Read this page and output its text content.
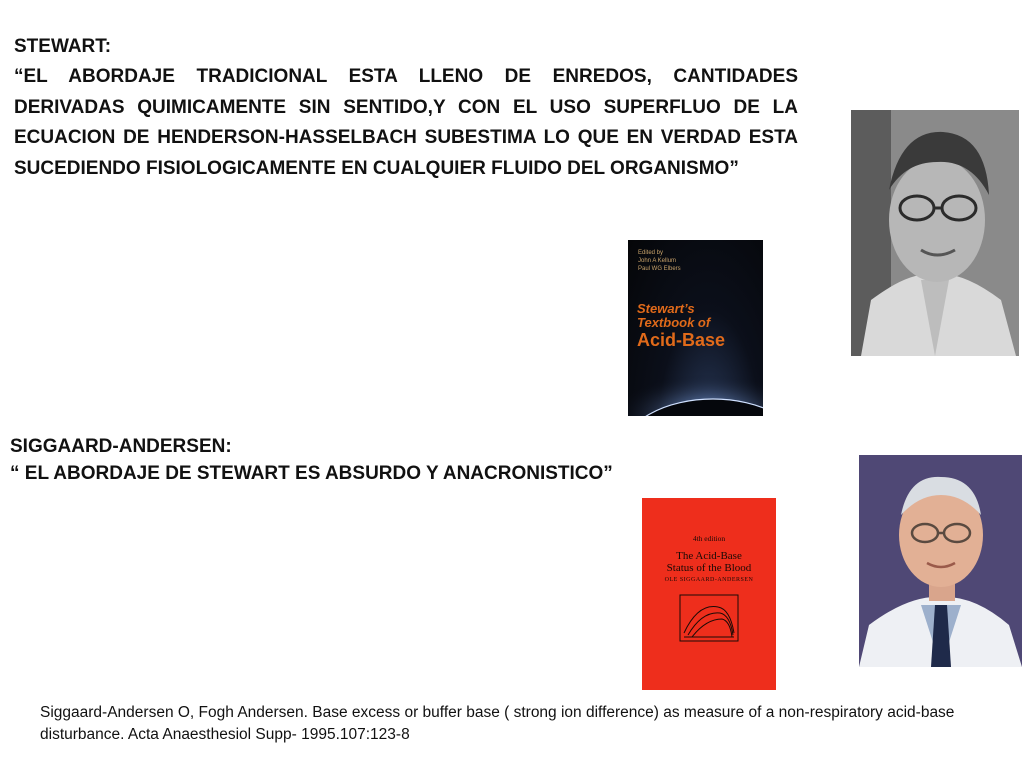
STEWART:
“EL ABORDAJE TRADICIONAL ESTA LLENO DE ENREDOS, CANTIDADES DERIVADAS QUIMICAMENTE SIN SENTIDO,Y CON EL USO SUPERFLUO DE LA ECUACION DE HENDERSON-HASSELBACH SUBESTIMA LO QUE EN VERDAD ESTA SUCEDIENDO FISIOLOGICAMENTE EN CUALQUIER FLUIDO DEL ORGANISMO”
Edited by
John A Kellum
Paul WG Elbers
Stewart’s
Textbook of
Acid-Base
SIGGAARD-ANDERSEN:
“ EL ABORDAJE DE STEWART ES ABSURDO Y ANACRONISTICO”
4th edition
The Acid-Base
Status of the Blood
OLE SIGGAARD-ANDERSEN
Siggaard-Andersen O, Fogh Andersen. Base excess or buffer base ( strong ion difference) as measure of a non-respiratory acid-base disturbance. Acta Anaesthesiol Supp- 1995.107:123-8
